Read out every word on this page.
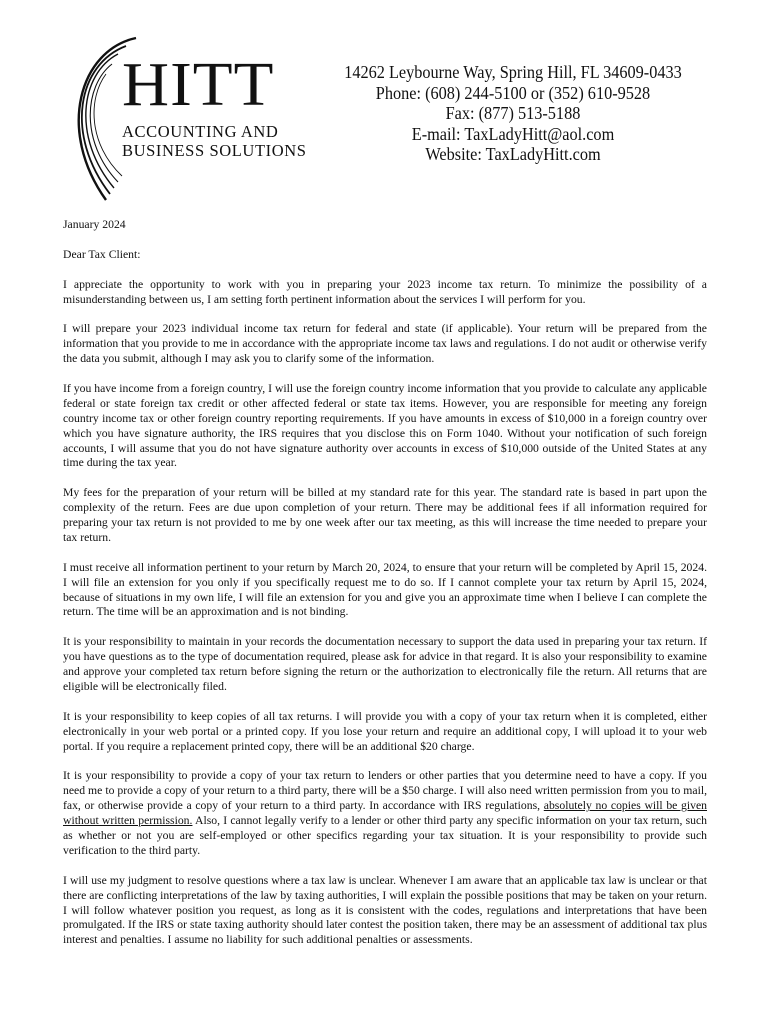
HITT
ACCOUNTING AND
BUSINESS SOLUTIONS
14262 Leybourne Way, Spring Hill, FL 34609-0433
Phone: (608) 244-5100 or (352) 610-9528
Fax: (877) 513-5188
E-mail: TaxLadyHitt@aol.com
Website: TaxLadyHitt.com

January 2024

Dear Tax Client:

I appreciate the opportunity to work with you in preparing your 2023 income tax return. To minimize the possibility of a misunderstanding between us, I am setting forth pertinent information about the services I will perform for you.

I will prepare your 2023 individual income tax return for federal and state (if applicable). Your return will be prepared from the information that you provide to me in accordance with the appropriate income tax laws and regulations. I do not audit or otherwise verify the data you submit, although I may ask you to clarify some of the information.

If you have income from a foreign country, I will use the foreign country income information that you provide to calculate any applicable federal or state foreign tax credit or other affected federal or state tax items. However, you are responsible for meeting any foreign country income tax or other foreign country reporting requirements. If you have amounts in excess of $10,000 in a foreign country over which you have signature authority, the IRS requires that you disclose this on Form 1040. Without your notification of such foreign accounts, I will assume that you do not have signature authority over accounts in excess of $10,000 outside of the United States at any time during the tax year.

My fees for the preparation of your return will be billed at my standard rate for this year. The standard rate is based in part upon the complexity of the return. Fees are due upon completion of your return. There may be additional fees if all information required for preparing your tax return is not provided to me by one week after our tax meeting, as this will increase the time needed to prepare your tax return.

I must receive all information pertinent to your return by March 20, 2024, to ensure that your return will be completed by April 15, 2024. I will file an extension for you only if you specifically request me to do so. If I cannot complete your tax return by April 15, 2024, because of situations in my own life, I will file an extension for you and give you an approximate time when I believe I can complete the return. The time will be an approximation and is not binding.

It is your responsibility to maintain in your records the documentation necessary to support the data used in preparing your tax return. If you have questions as to the type of documentation required, please ask for advice in that regard. It is also your responsibility to examine and approve your completed tax return before signing the return or the authorization to electronically file the return. All returns that are eligible will be electronically filed.

It is your responsibility to keep copies of all tax returns. I will provide you with a copy of your tax return when it is completed, either electronically in your web portal or a printed copy. If you lose your return and require an additional copy, I will upload it to your web portal. If you require a replacement printed copy, there will be an additional $20 charge.

It is your responsibility to provide a copy of your tax return to lenders or other parties that you determine need to have a copy. If you need me to provide a copy of your return to a third party, there will be a $50 charge. I will also need written permission from you to mail, fax, or otherwise provide a copy of your return to a third party. In accordance with IRS regulations, absolutely no copies will be given without written permission. Also, I cannot legally verify to a lender or other third party any specific information on your tax return, such as whether or not you are self-employed or other specifics regarding your tax situation. It is your responsibility to provide such verification to the third party.

I will use my judgment to resolve questions where a tax law is unclear. Whenever I am aware that an applicable tax law is unclear or that there are conflicting interpretations of the law by taxing authorities, I will explain the possible positions that may be taken on your return. I will follow whatever position you request, as long as it is consistent with the codes, regulations and interpretations that have been promulgated. If the IRS or state taxing authority should later contest the position taken, there may be an assessment of additional tax plus interest and penalties. I assume no liability for such additional penalties or assessments.
